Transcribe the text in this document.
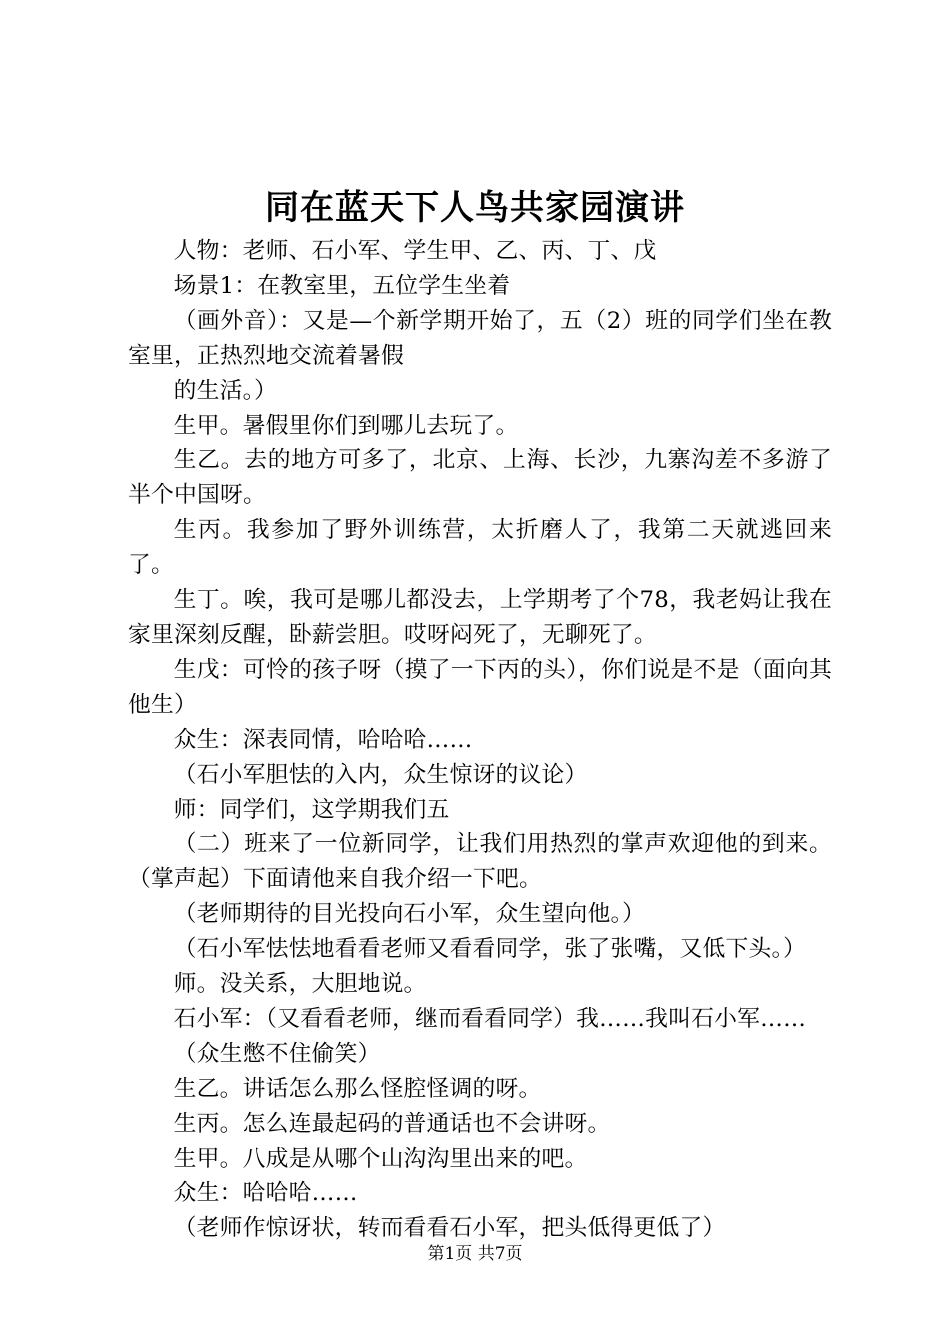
同在蓝天下人鸟共家园演讲

人物：老师、石小军、学生甲、乙、丙、丁、戊

场景1：在教室里，五位学生坐着

（画外音）：又是—个新学期开始了，五（2）班的同学们坐在教室里，正热烈地交流着暑假

的生活。）

生甲。暑假里你们到哪儿去玩了。

生乙。去的地方可多了，北京、上海、长沙，九寨沟差不多游了半个中国呀。

生丙。我参加了野外训练营，太折磨人了，我第二天就逃回来了。

生丁。唉，我可是哪儿都没去，上学期考了个78，我老妈让我在家里深刻反醒，卧薪尝胆。哎呀闷死了，无聊死了。

生戊：可怜的孩子呀（摸了一下丙的头），你们说是不是（面向其他生）

众生：深表同情，哈哈哈……

（石小军胆怯的入内，众生惊讶的议论）

师：同学们，这学期我们五

（二）班来了一位新同学，让我们用热烈的掌声欢迎他的到来。（掌声起）下面请他来自我介绍一下吧。

（老师期待的目光投向石小军，众生望向他。）

（石小军怯怯地看看老师又看看同学，张了张嘴，又低下头。）

师。没关系，大胆地说。

石小军：（又看看老师，继而看看同学）我……我叫石小军……

（众生憋不住偷笑）

生乙。讲话怎么那么怪腔怪调的呀。

生丙。怎么连最起码的普通话也不会讲呀。

生甲。八成是从哪个山沟沟里出来的吧。

众生：哈哈哈……

（老师作惊讶状，转而看看石小军，把头低得更低了）

第1页 共7页
